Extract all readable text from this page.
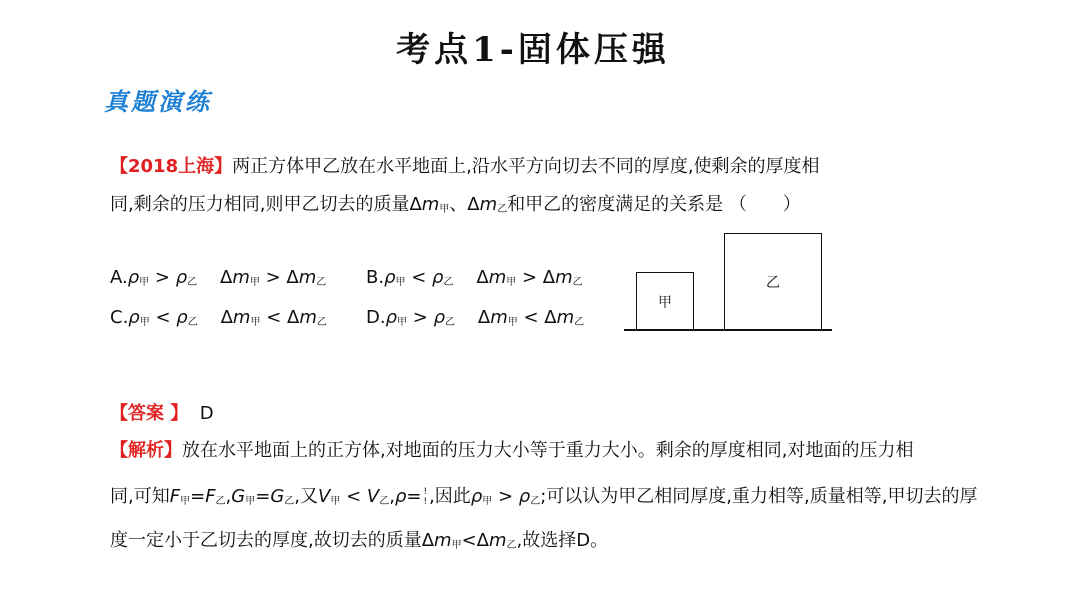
考点1-固体压强
真题演练
【2018上海】两正方体甲乙放在水平地面上,沿水平方向切去不同的厚度,使剩余的厚度相
同,剩余的压力相同,则甲乙切去的质量$\Delta m_甲$、$\Delta m_乙$和甲乙的密度满足的关系是 （　　）
$A.\rho_甲 > \rho_乙$ $\Delta m_甲 > \Delta m_乙$ $B.\rho_甲 < \rho_乙$ $\Delta m_甲 > \Delta m_乙$
$C.\rho_甲 < \rho_乙$ $\Delta m_甲 < \Delta m_乙$ $D.\rho_甲 > \rho_乙$ $\Delta m_甲 < \Delta m_乙$
甲
乙
【答案 】 D
【解析】放在水平地面上的正方体,对地面的压力大小等于重力大小。剩余的厚度相同,对地面的压力相
同,可知$F_甲=F_乙,G_甲=G_乙$,又$V_甲 < V_乙,\rho=$ !
! ,因此$\rho_甲 > \rho_乙$;可以认为甲乙相同厚度,重力相等,质量相等,甲切去的厚
度一定小于乙切去的厚度,故切去的质量$\Delta m_甲<\Delta m_乙$,故选择D。
